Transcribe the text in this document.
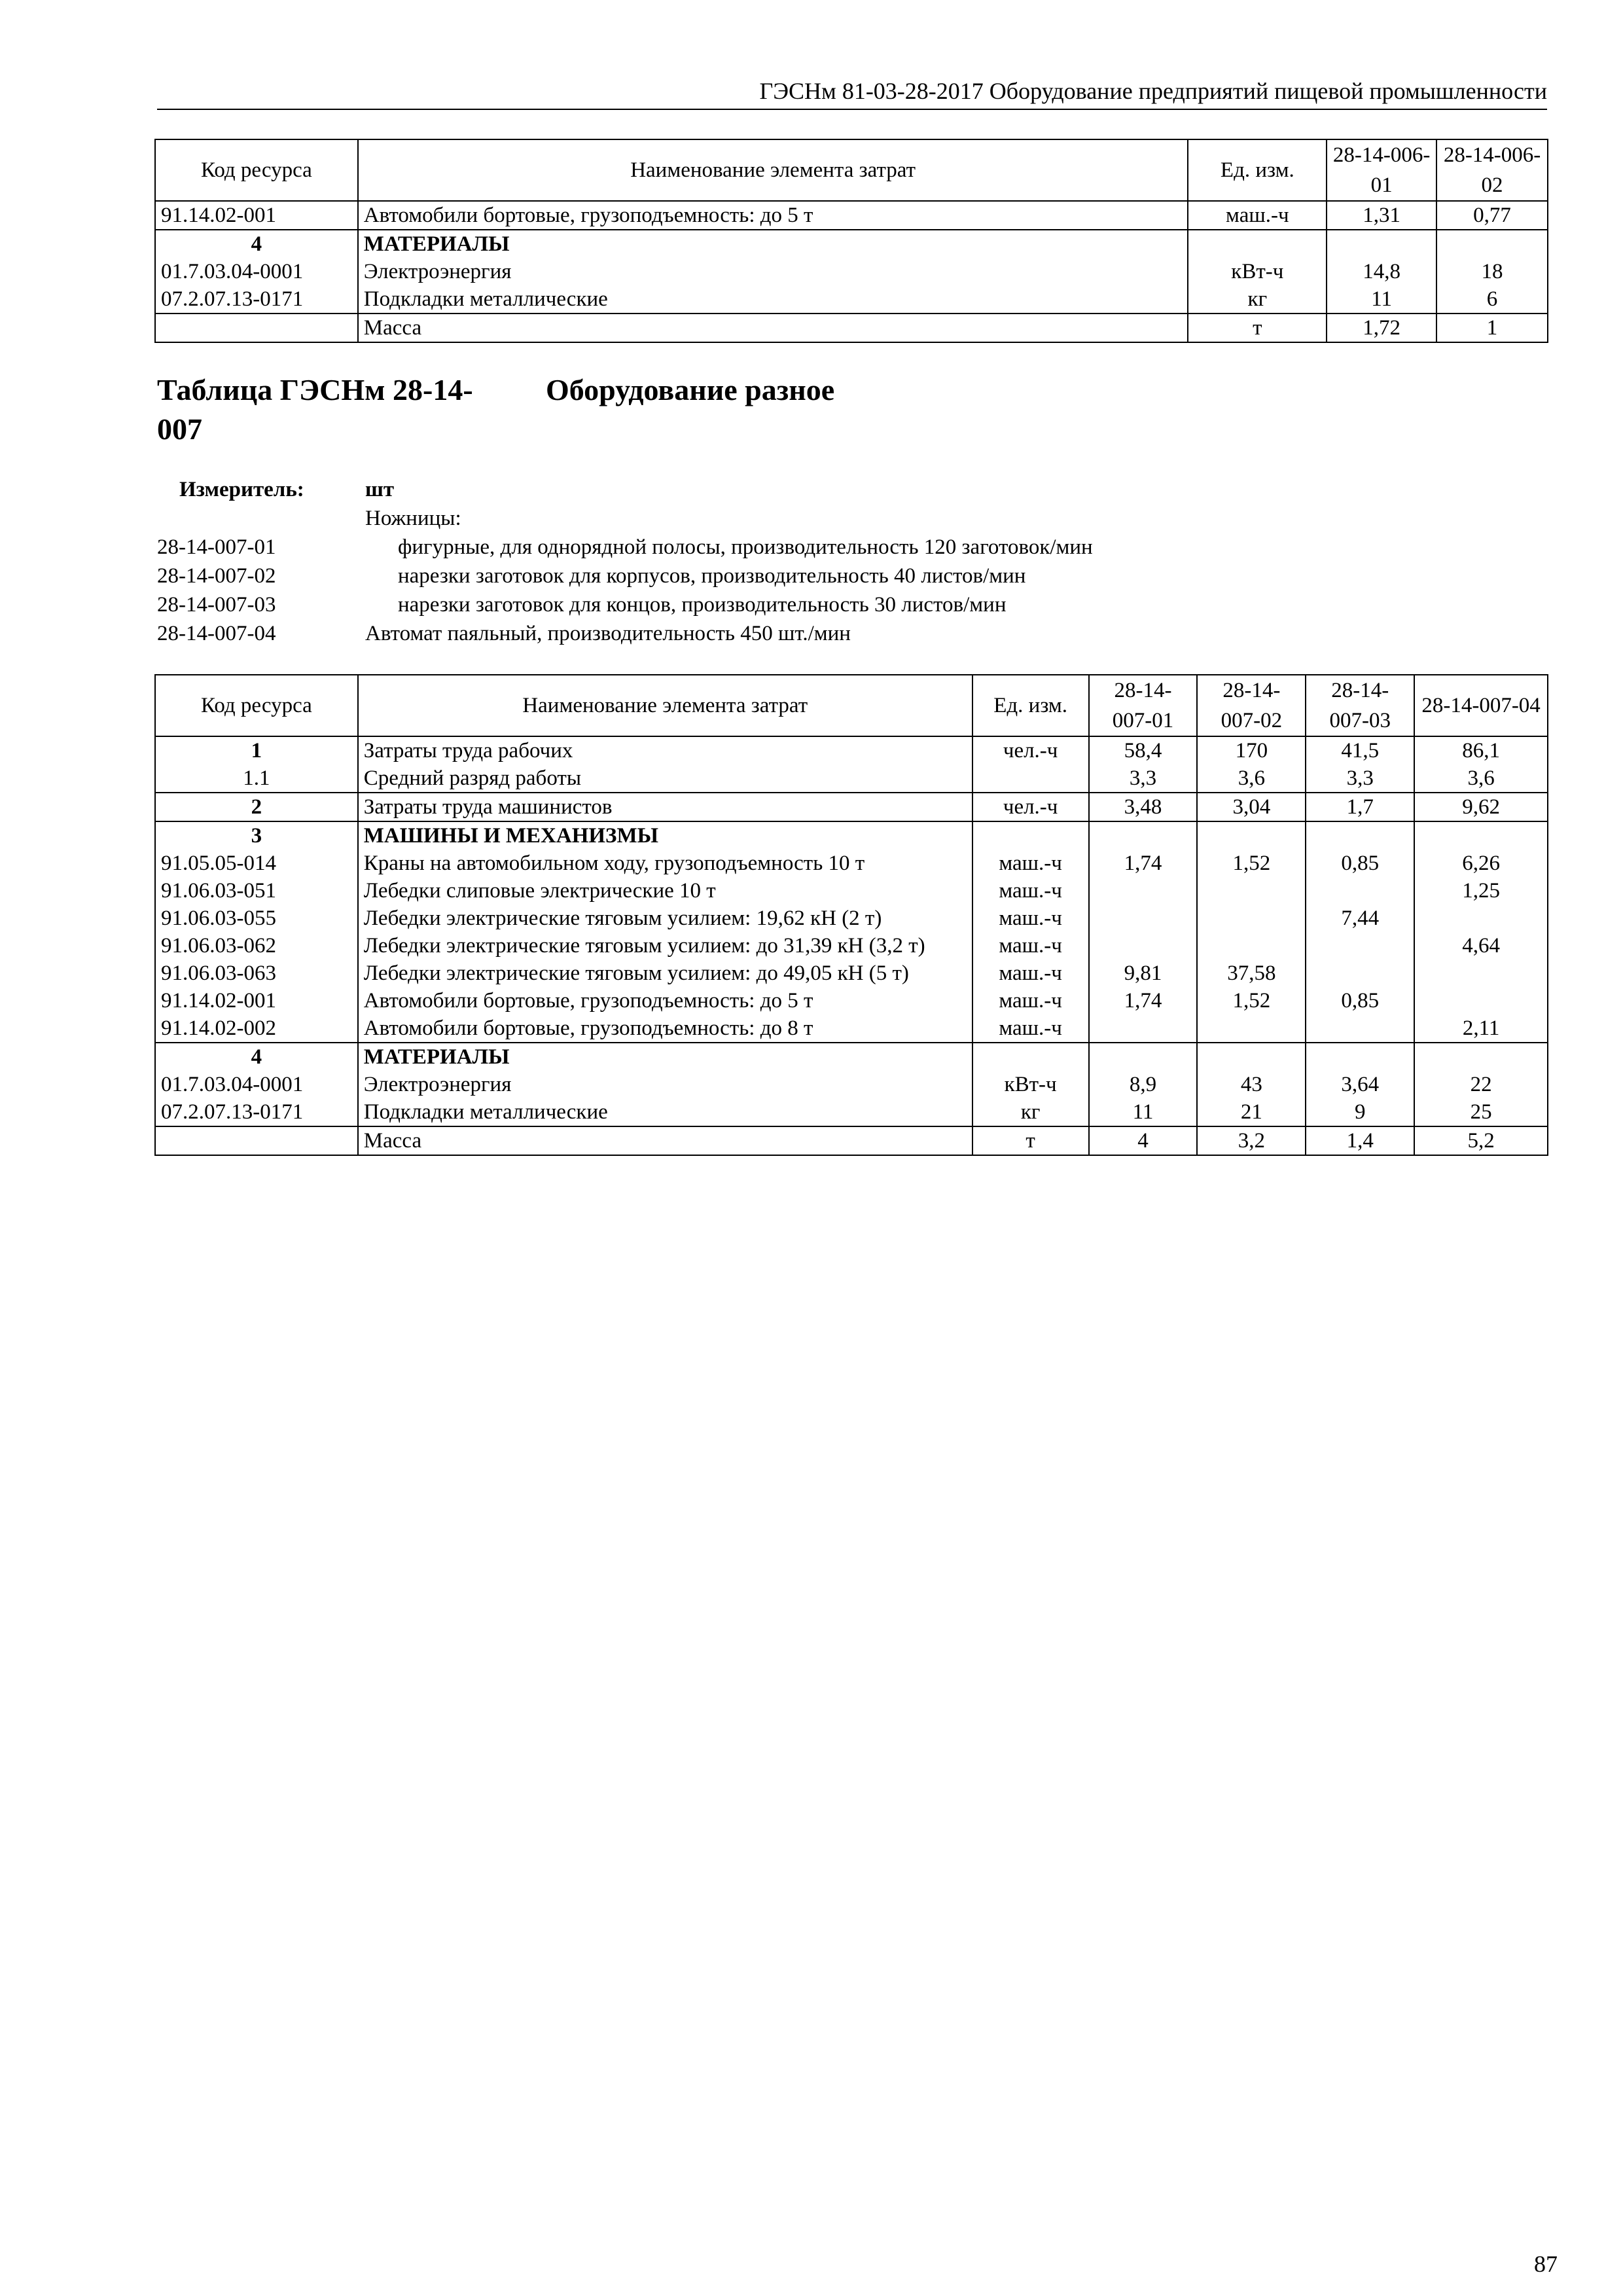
ГЭСНм 81-03-28-2017 Оборудование предприятий пищевой промышленности
Код ресурса	Наименование элемента затрат	Ед. изм.	28-14-006-01	28-14-006-02
91.14.02-001	Автомобили бортовые, грузоподъемность: до 5 т	маш.-ч	1,31	0,77
4	МАТЕРИАЛЫ			
01.7.03.04-0001	Электроэнергия	кВт-ч	14,8	18
07.2.07.13-0171	Подкладки металлические	кг	11	6
	Масса	т	1,72	1
Таблица ГЭСНм 28-14- Оборудование разное
007
Измеритель:	шт
Ножницы:
28-14-007-01	фигурные, для однорядной полосы, производительность 120 заготовок/мин
28-14-007-02	нарезки заготовок для корпусов, производительность 40 листов/мин
28-14-007-03	нарезки заготовок для концов, производительность 30 листов/мин
28-14-007-04	Автомат паяльный, производительность 450 шт./мин
Код ресурса	Наименование элемента затрат	Ед. изм.	28-14-007-01	28-14-007-02	28-14-007-03	28-14-007-04
1	Затраты труда рабочих	чел.-ч	58,4	170	41,5	86,1
1.1	Средний разряд работы		3,3	3,6	3,3	3,6
2	Затраты труда машинистов	чел.-ч	3,48	3,04	1,7	9,62
3	МАШИНЫ И МЕХАНИЗМЫ					
91.05.05-014	Краны на автомобильном ходу, грузоподъемность 10 т	маш.-ч	1,74	1,52	0,85	6,26
91.06.03-051	Лебедки слиповые электрические 10 т	маш.-ч				1,25
91.06.03-055	Лебедки электрические тяговым усилием: 19,62 кН (2 т)	маш.-ч			7,44	
91.06.03-062	Лебедки электрические тяговым усилием: до 31,39 кН (3,2 т)	маш.-ч				4,64
91.06.03-063	Лебедки электрические тяговым усилием: до 49,05 кН (5 т)	маш.-ч	9,81	37,58		
91.14.02-001	Автомобили бортовые, грузоподъемность: до 5 т	маш.-ч	1,74	1,52	0,85	
91.14.02-002	Автомобили бортовые, грузоподъемность: до 8 т	маш.-ч				2,11
4	МАТЕРИАЛЫ					
01.7.03.04-0001	Электроэнергия	кВт-ч	8,9	43	3,64	22
07.2.07.13-0171	Подкладки металлические	кг	11	21	9	25
	Масса	т	4	3,2	1,4	5,2
87
